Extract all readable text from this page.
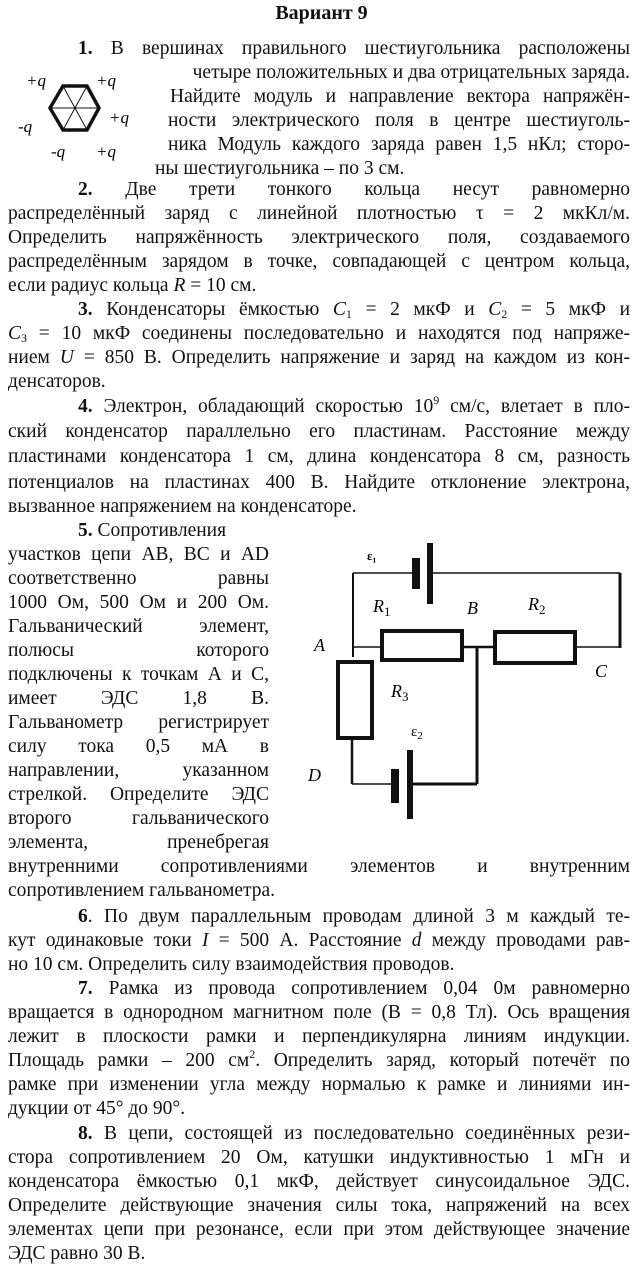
Вариант 9
1. В вершинах правильного шестиугольника расположены
четыре положительных и два отрицательных заряда.
Найдите модуль и направление вектора напряжён-
ности электрического поля в центре шестиуголь-
ника Модуль каждого заряда равен 1,5 нКл; сторо-
ны шестиугольника – по 3 см.
+q	+q
-q	+q
-q +q
2. Две трети тонкого кольца несут равномерно
распределённый заряд с линейной плотностью τ = 2 мкКл/м.
Определить напряжённость электрического поля, создаваемого
распределённым зарядом в точке, совпадающей с центром кольца,
если радиус кольца R = 10 см.
3. Конденсаторы ёмкостью $C_1 = 2$ мкФ и $C_2 = 5$ мкФ и
$C_3 = 10$ мкФ соединены последовательно и находятся под напряже-
нием U = 850 В. Определить напряжение и заряд на каждом из кон-
денсаторов.
4. Электрон, обладающий скоростью $10^9$ см/с, влетает в пло-
ский конденсатор параллельно его пластинам. Расстояние между
пластинами конденсатора 1 см, длина конденсатора 8 см, разность
потенциалов на пластинах 400 В. Найдите отклонение электрона,
вызванное напряжением на конденсаторе.
5. Сопротивления
участков цепи AB, BC и AD
соответственно равны
1000 Ом, 500 Ом и 200 Ом.
Гальванический элемент,
полюсы которого
подключены к точкам А и С,
имеет ЭДС 1,8 В.
Гальванометр регистрирует
силу тока 0,5 мА в
направлении, указанном
стрелкой. Определите ЭДС
второго гальванического
элемента, пренебрегая
внутренними сопротивлениями элементов и внутренним
сопротивлением гальванометра.
ε₁
$R_1$	B	$R_2$
A
C
$R_3$
$\varepsilon_2$
D
6. По двум параллельным проводам длиной 3 м каждый те-
кут одинаковые токи I = 500 А. Расстояние d между проводами рав-
но 10 см. Определить силу взаимодействия проводов.
7. Рамка из провода сопротивлением 0,04 0м равномерно
вращается в однородном магнитном поле (В = 0,8 Тл). Ось вращения
лежит в плоскости рамки и перпендикулярна линиям индукции.
Площадь рамки – 200 $см^2$. Определить заряд, который потечёт по
рамке при изменении угла между нормалью к рамке и линиями ин-
дукции от 45° до 90°.
8. В цепи, состоящей из последовательно соединённых рези-
стора сопротивлением 20 Ом, катушки индуктивностью 1 мГн и
конденсатора ёмкостью 0,1 мкФ, действует синусоидальное ЭДС.
Определите действующие значения силы тока, напряжений на всех
элементах цепи при резонансе, если при этом действующее значение
ЭДС равно 30 В.
